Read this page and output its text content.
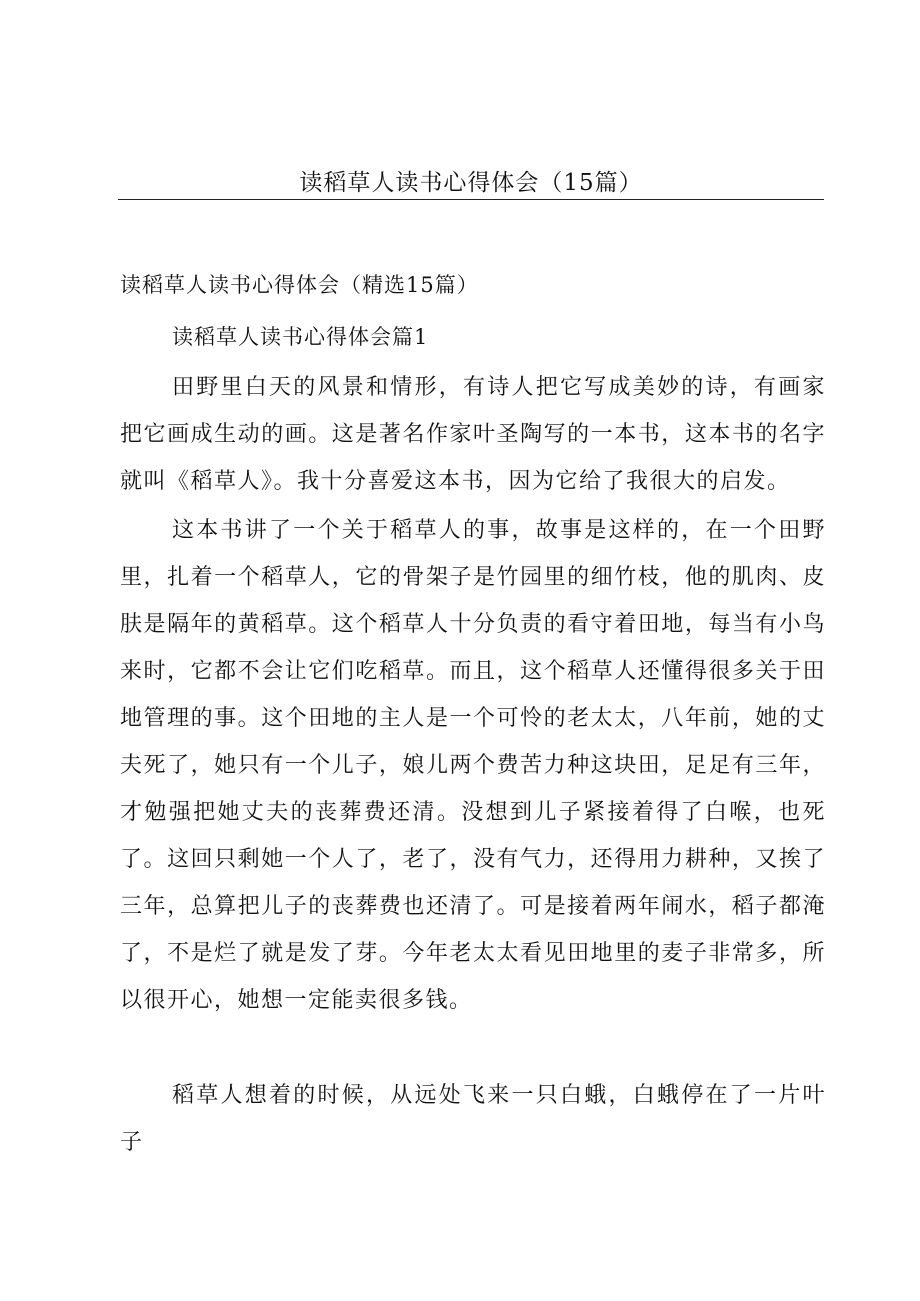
读稻草人读书心得体会（15篇）
读稻草人读书心得体会（精选15篇）
读稻草人读书心得体会篇1

田野里白天的风景和情形，有诗人把它写成美妙的诗，有画家把它画成生动的画。这是著名作家叶圣陶写的一本书，这本书的名字就叫《稻草人》。我十分喜爱这本书，因为它给了我很大的启发。

这本书讲了一个关于稻草人的事，故事是这样的，在一个田野里，扎着一个稻草人，它的骨架子是竹园里的细竹枝，他的肌肉、皮肤是隔年的黄稻草。这个稻草人十分负责的看守着田地，每当有小鸟来时，它都不会让它们吃稻草。而且，这个稻草人还懂得很多关于田地管理的事。这个田地的主人是一个可怜的老太太，八年前，她的丈夫死了，她只有一个儿子，娘儿两个费苦力种这块田，足足有三年，才勉强把她丈夫的丧葬费还清。没想到儿子紧接着得了白喉，也死了。这回只剩她一个人了，老了，没有气力，还得用力耕种，又挨了三年，总算把儿子的丧葬费也还清了。可是接着两年闹水，稻子都淹了，不是烂了就是发了芽。今年老太太看见田地里的麦子非常多，所以很开心，她想一定能卖很多钱。

稻草人想着的时候，从远处飞来一只白蛾，白蛾停在了一片叶子
